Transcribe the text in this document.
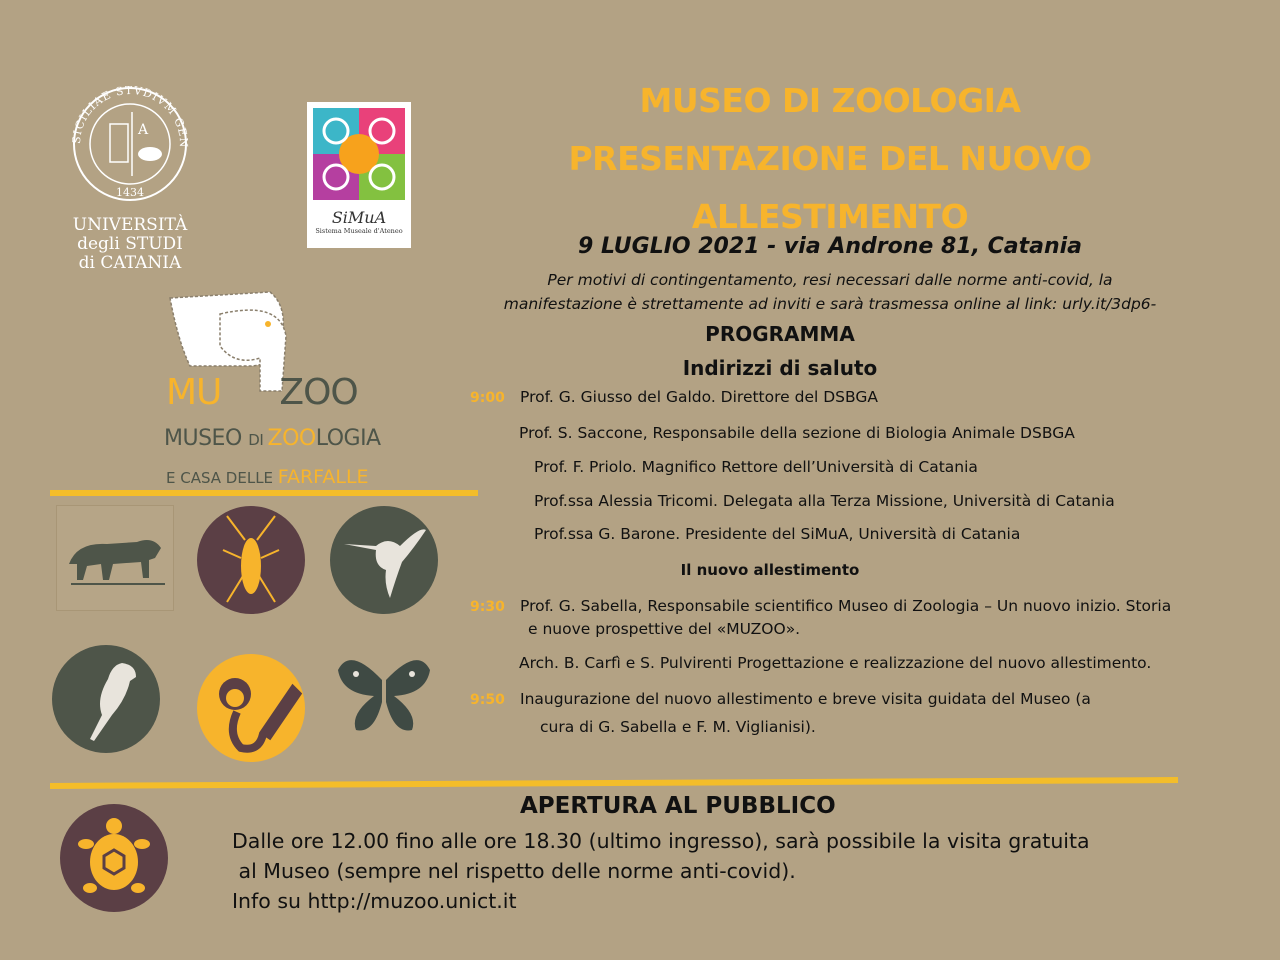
A
SICILIAE STVDIVM GEN
1434
UNIVERSITÀ
degli STUDI
di CATANIA
SiMuA
Sistema Museale d'Ateneo
MU ZOO
MUSEO DI ZOOLOGIA
E CASA DELLE FARFALLE
MUSEO DI ZOOLOGIA
PRESENTAZIONE DEL NUOVO
ALLESTIMENTO
9 LUGLIO 2021 - via Androne 81, Catania
Per motivi di contingentamento, resi necessari dalle norme anti-covid, la
manifestazione è strettamente ad inviti e sarà trasmessa online al link: urly.it/3dp6-
PROGRAMMA
Indirizzi di saluto
9:00 Prof. G. Giusso del Galdo. Direttore del DSBGA
Prof. S. Saccone, Responsabile della sezione di Biologia Animale DSBGA
Prof. F. Priolo. Magnifico Rettore dell’Università di Catania
Prof.ssa Alessia Tricomi. Delegata alla Terza Missione, Università di Catania
Prof.ssa G. Barone. Presidente del SiMuA, Università di Catania
Il nuovo allestimento
9:30 Prof. G. Sabella, Responsabile scientifico Museo di Zoologia – Un nuovo inizio. Storia
e nuove prospettive del «MUZOO».
Arch. B. Carfì e S. Pulvirenti Progettazione e realizzazione del nuovo allestimento.
9:50 Inaugurazione del nuovo allestimento e breve visita guidata del Museo (a
cura di G. Sabella e F. M. Viglianisi).
APERTURA AL PUBBLICO
Dalle ore 12.00 fino alle ore 18.30 (ultimo ingresso), sarà possibile la visita gratuita
al Museo (sempre nel rispetto delle norme anti-covid).
Info su http://muzoo.unict.it
